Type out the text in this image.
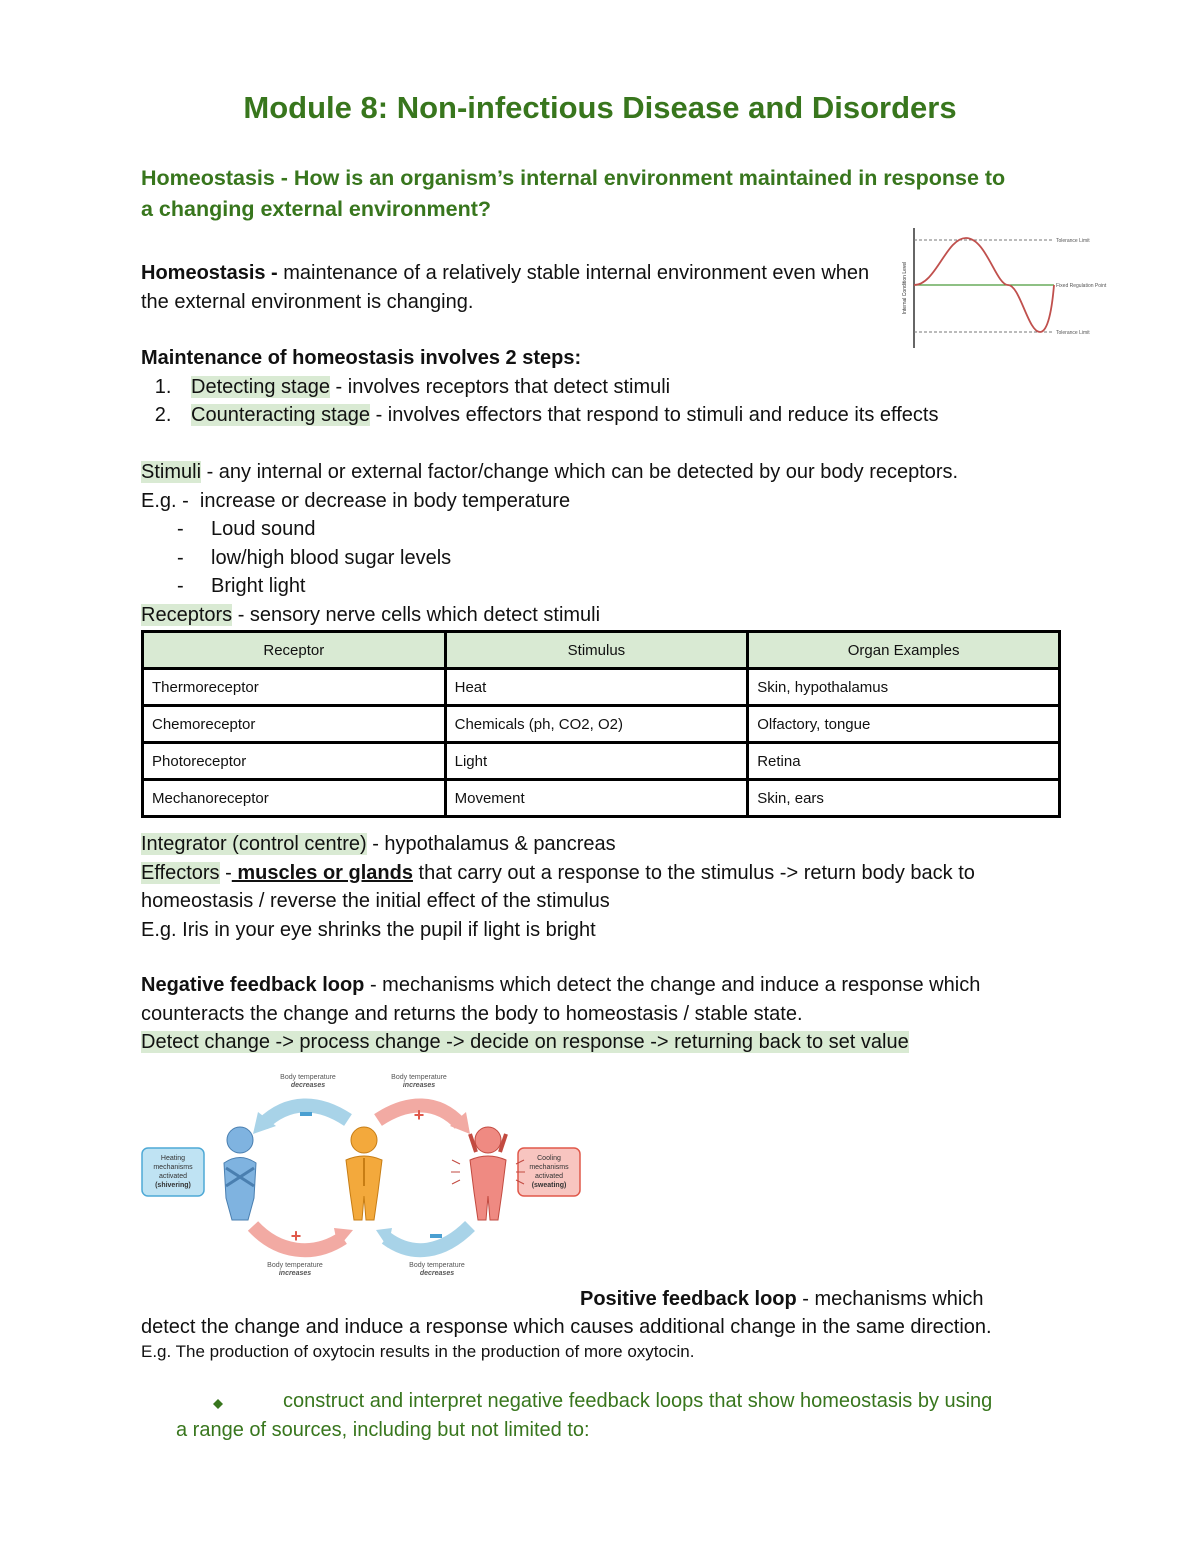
Module 8: Non-infectious Disease and Disorders
Homeostasis - How is an organism’s internal environment maintained in response to a changing external environment?
Homeostasis - maintenance of a relatively stable internal environment even when the external environment is changing.	Internal Condition Level
Tolerance Limit
Fixed Regulation Point
Tolerance Limit
Maintenance of homeostasis involves 2 steps:
1. Detecting stage - involves receptors that detect stimuli
2. Counteracting stage - involves effectors that respond to stimuli and reduce its effects
Stimuli - any internal or external factor/change which can be detected by our body receptors.
E.g. - increase or decrease in body temperature
- Loud sound
- low/high blood sugar levels
- Bright light
Receptors - sensory nerve cells which detect stimuli
Receptor	Stimulus	Organ Examples
Thermoreceptor	Heat	Skin, hypothalamus
Chemoreceptor	Chemicals (ph, CO2, O2)	Olfactory, tongue
Photoreceptor	Light	Retina
Mechanoreceptor	Movement	Skin, ears
Integrator (control centre) - hypothalamus & pancreas
Effectors - muscles or glands that carry out a response to the stimulus -> return body back to homeostasis / reverse the initial effect of the stimulus
E.g. Iris in your eye shrinks the pupil if light is bright
Negative feedback loop - mechanisms which detect the change and induce a response which counteracts the change and returns the body to homeostasis / stable state.
Detect change -> process change -> decide on response -> returning back to set value
+
+
Body temperature
decreases
Body temperature
increases
Body temperature
increases
Body temperature
decreases
Heating
mechanisms
activated
(shivering)
Cooling
mechanisms
activated
(sweating)
Positive feedback loop - mechanisms which
detect the change and induce a response which causes additional change in the same direction.
E.g. The production of oxytocin results in the production of more oxytocin.
construct and interpret negative feedback loops that show homeostasis by using
a range of sources, including but not limited to:
